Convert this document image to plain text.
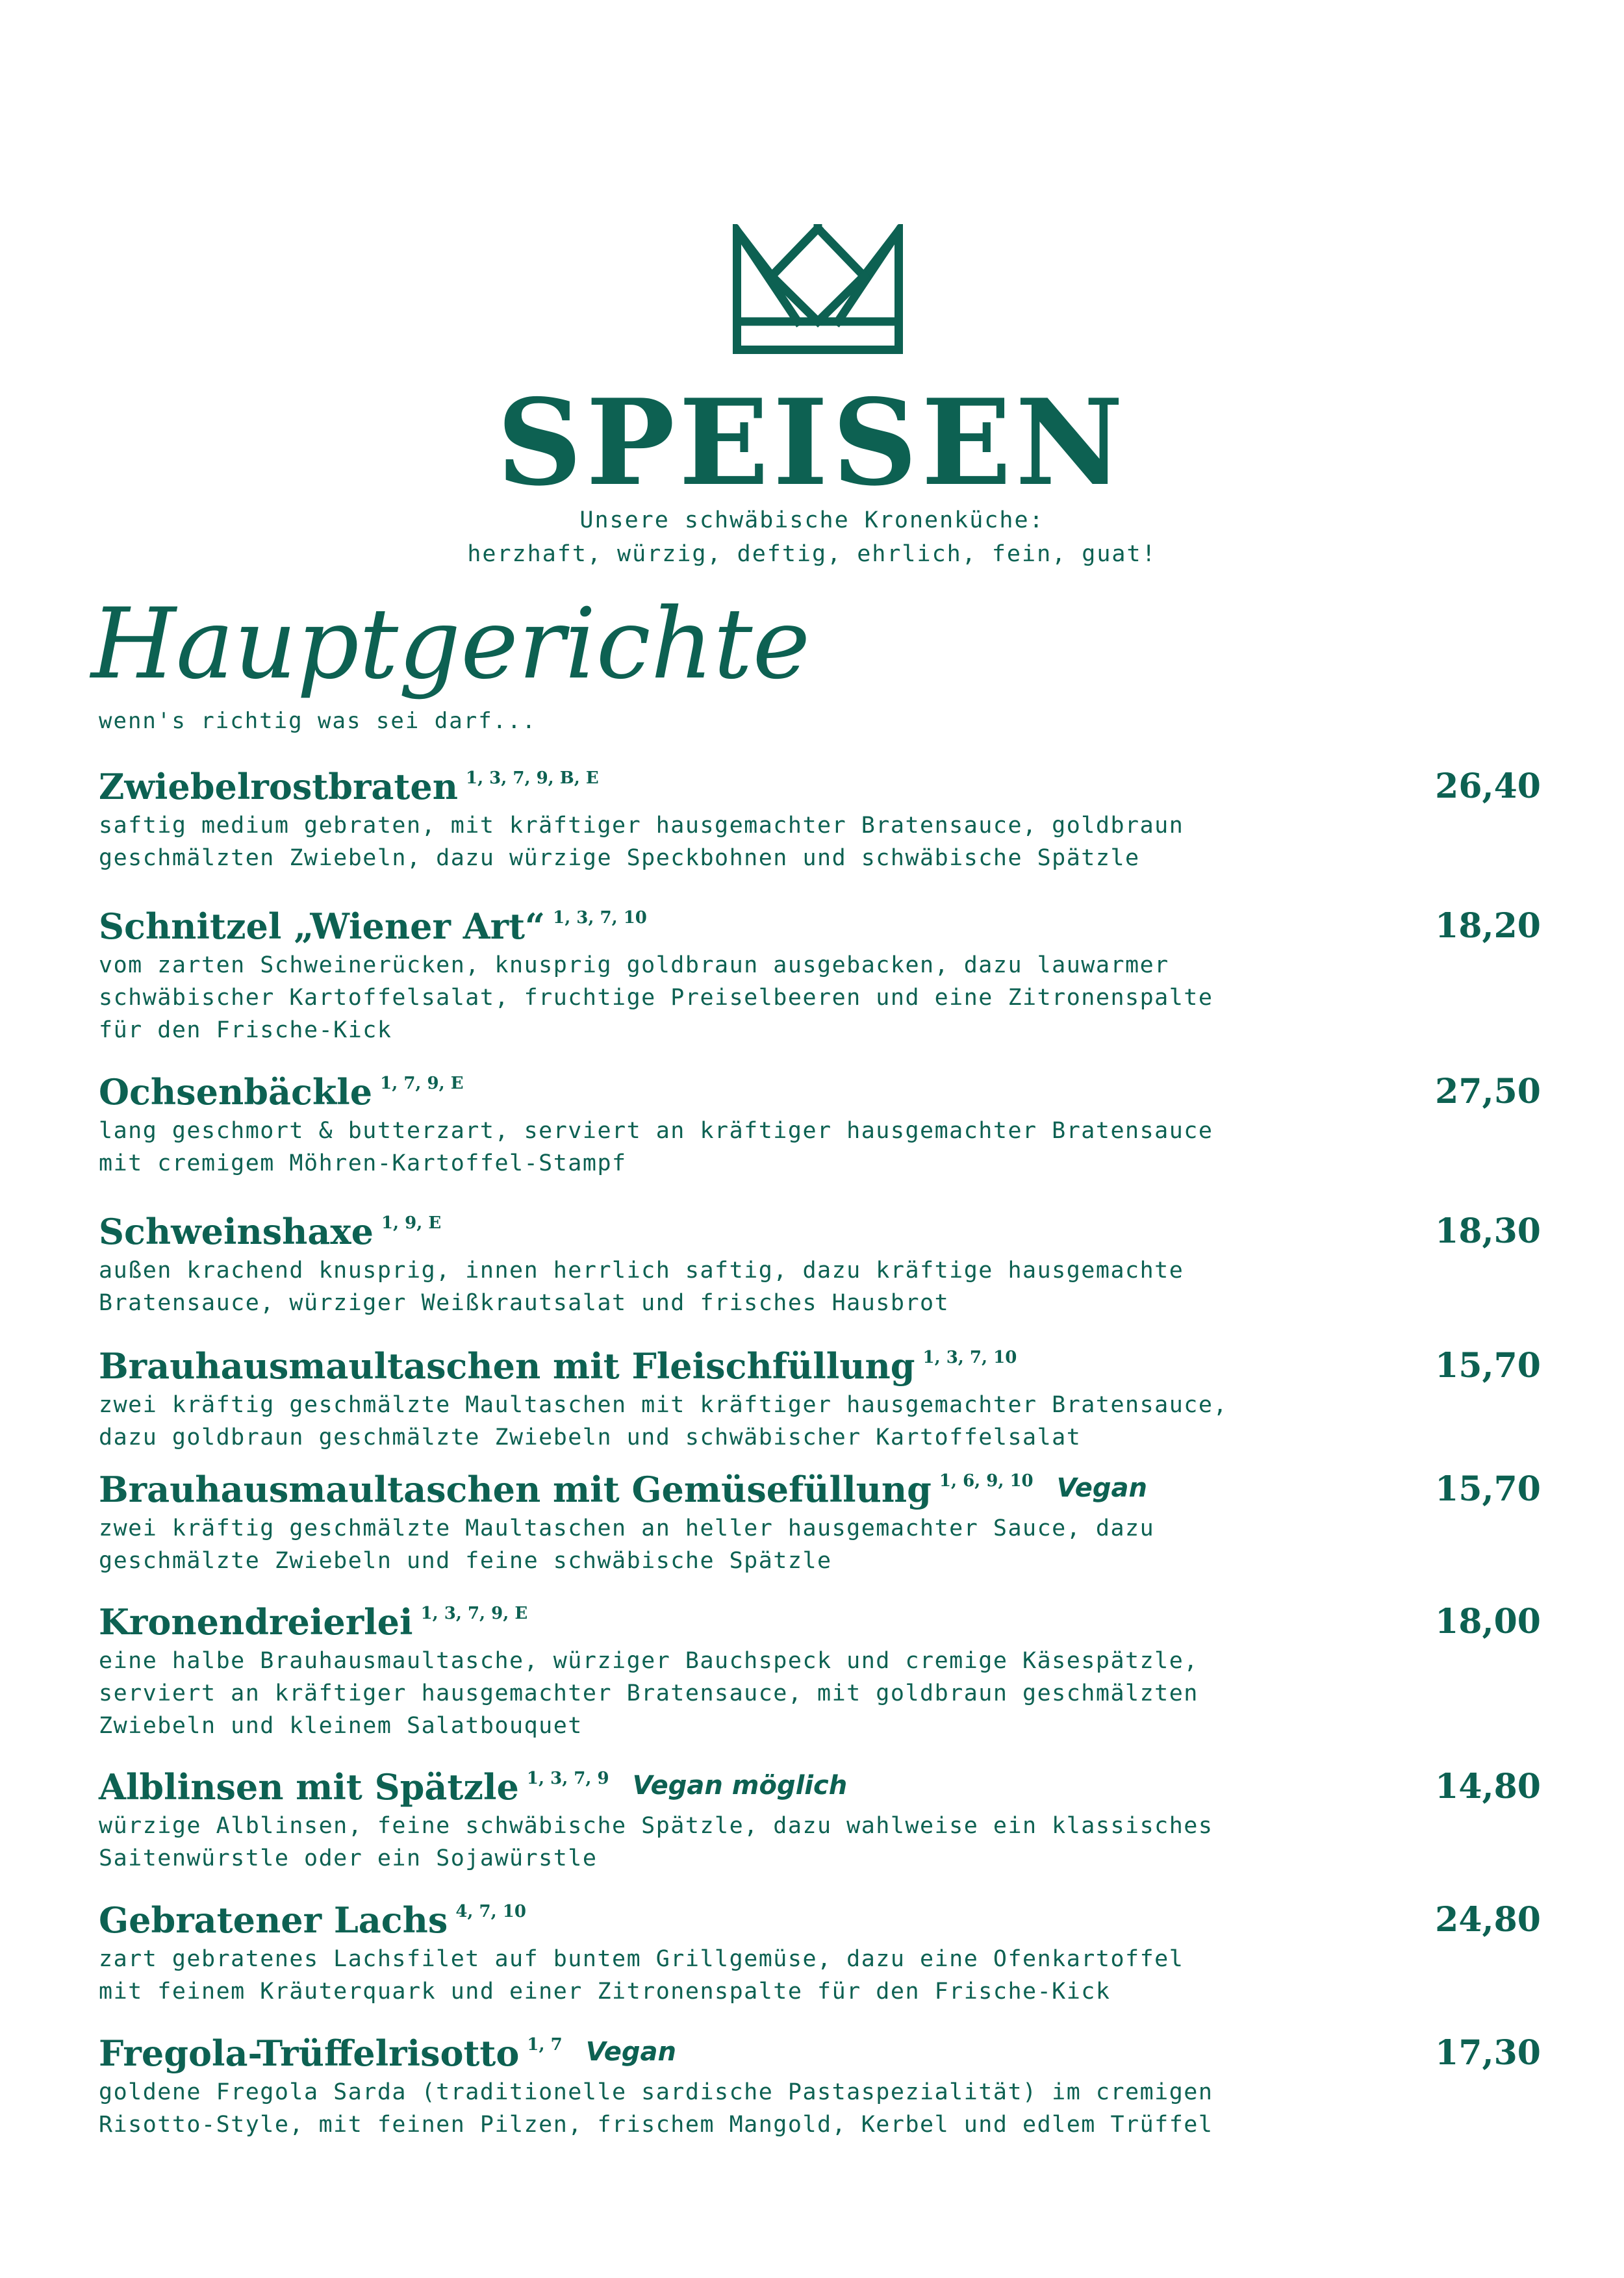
SPEISEN
Unsere schwäbische Kronenküche:
herzhaft, würzig, deftig, ehrlich, fein, guat!
Hauptgerichte
wenn's richtig was sei darf...
Zwiebelrostbraten 1, 3, 7, 9, B, E	26,40
saftig medium gebraten, mit kräftiger hausgemachter Bratensauce, goldbraun
geschmälzten Zwiebeln, dazu würzige Speckbohnen und schwäbische Spätzle
Schnitzel „Wiener Art“ 1, 3, 7, 10	18,20
vom zarten Schweinerücken, knusprig goldbraun ausgebacken, dazu lauwarmer
schwäbischer Kartoffelsalat, fruchtige Preiselbeeren und eine Zitronenspalte
für den Frische-Kick
Ochsenbäckle 1, 7, 9, E	27,50
lang geschmort & butterzart, serviert an kräftiger hausgemachter Bratensauce
mit cremigem Möhren-Kartoffel-Stampf
Schweinshaxe 1, 9, E	18,30
außen krachend knusprig, innen herrlich saftig, dazu kräftige hausgemachte
Bratensauce, würziger Weißkrautsalat und frisches Hausbrot
Brauhausmaultaschen mit Fleischfüllung 1, 3, 7, 10	15,70
zwei kräftig geschmälzte Maultaschen mit kräftiger hausgemachter Bratensauce,
dazu goldbraun geschmälzte Zwiebeln und schwäbischer Kartoffelsalat
Brauhausmaultaschen mit Gemüsefüllung 1, 6, 9, 10 Vegan	15,70
zwei kräftig geschmälzte Maultaschen an heller hausgemachter Sauce, dazu
geschmälzte Zwiebeln und feine schwäbische Spätzle
Kronendreierlei 1, 3, 7, 9, E	18,00
eine halbe Brauhausmaultasche, würziger Bauchspeck und cremige Käsespätzle,
serviert an kräftiger hausgemachter Bratensauce, mit goldbraun geschmälzten
Zwiebeln und kleinem Salatbouquet
Alblinsen mit Spätzle 1, 3, 7, 9 Vegan möglich	14,80
würzige Alblinsen, feine schwäbische Spätzle, dazu wahlweise ein klassisches
Saitenwürstle oder ein Sojawürstle
Gebratener Lachs 4, 7, 10	24,80
zart gebratenes Lachsfilet auf buntem Grillgemüse, dazu eine Ofenkartoffel
mit feinem Kräuterquark und einer Zitronenspalte für den Frische-Kick
Fregola-Trüffelrisotto 1, 7 Vegan	17,30
goldene Fregola Sarda (traditionelle sardische Pastaspezialität) im cremigen
Risotto-Style, mit feinen Pilzen, frischem Mangold, Kerbel und edlem Trüffel
